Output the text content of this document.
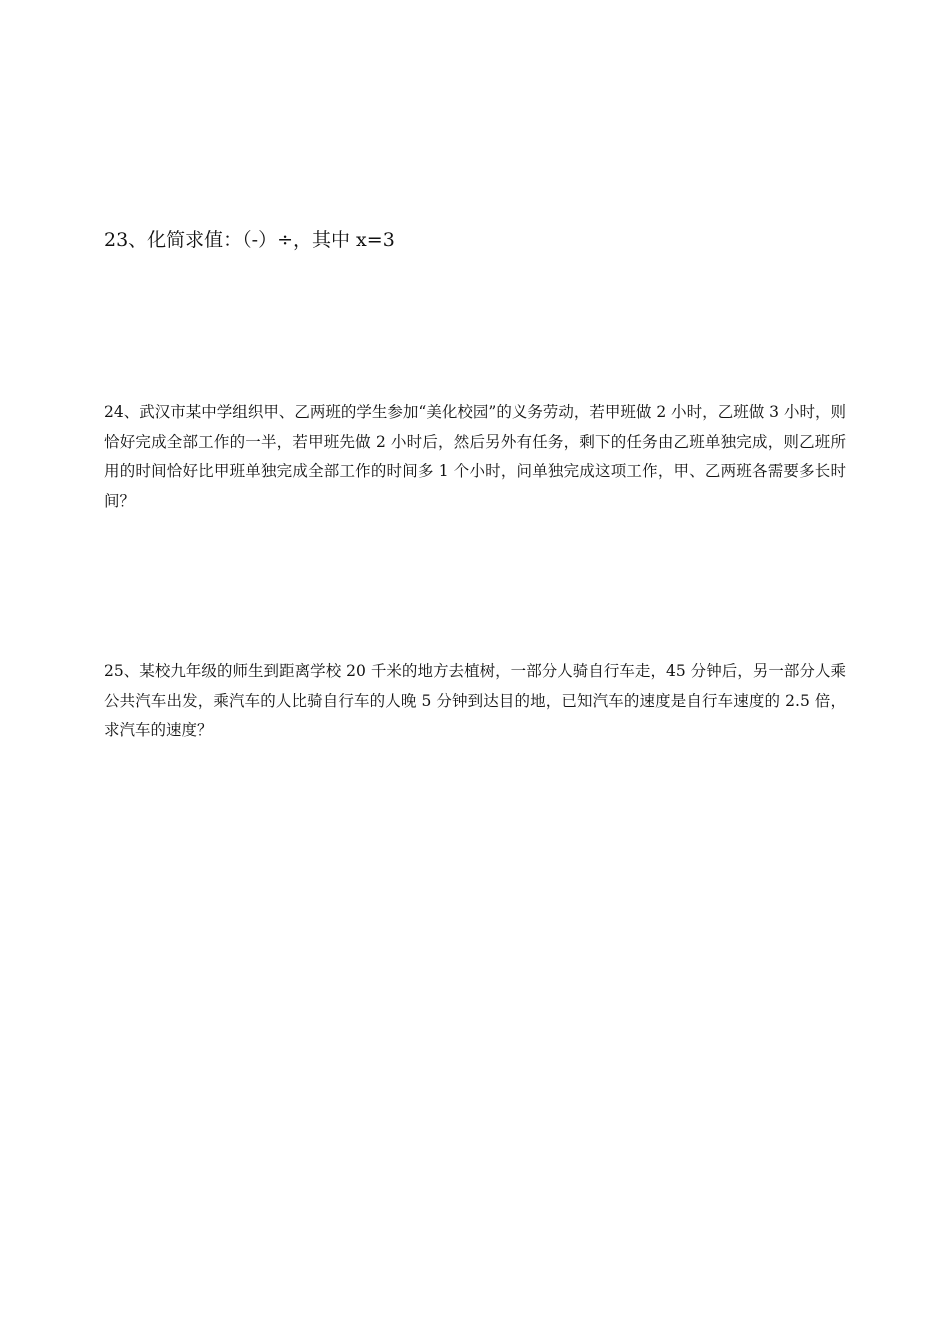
23、化简求值：（-）÷，其中 x=3
24、武汉市某中学组织甲、乙两班的学生参加“美化校园”的义务劳动，若甲班做 2 小时，乙班做 3 小时，则恰好完成全部工作的一半，若甲班先做 2 小时后，然后另外有任务，剩下的任务由乙班单独完成，则乙班所用的时间恰好比甲班单独完成全部工作的时间多 1 个小时，问单独完成这项工作，甲、乙两班各需要多长时间？
25、某校九年级的师生到距离学校 20 千米的地方去植树，一部分人骑自行车走，45 分钟后，另一部分人乘公共汽车出发，乘汽车的人比骑自行车的人晚 5 分钟到达目的地，已知汽车的速度是自行车速度的 2.5 倍，求汽车的速度？
